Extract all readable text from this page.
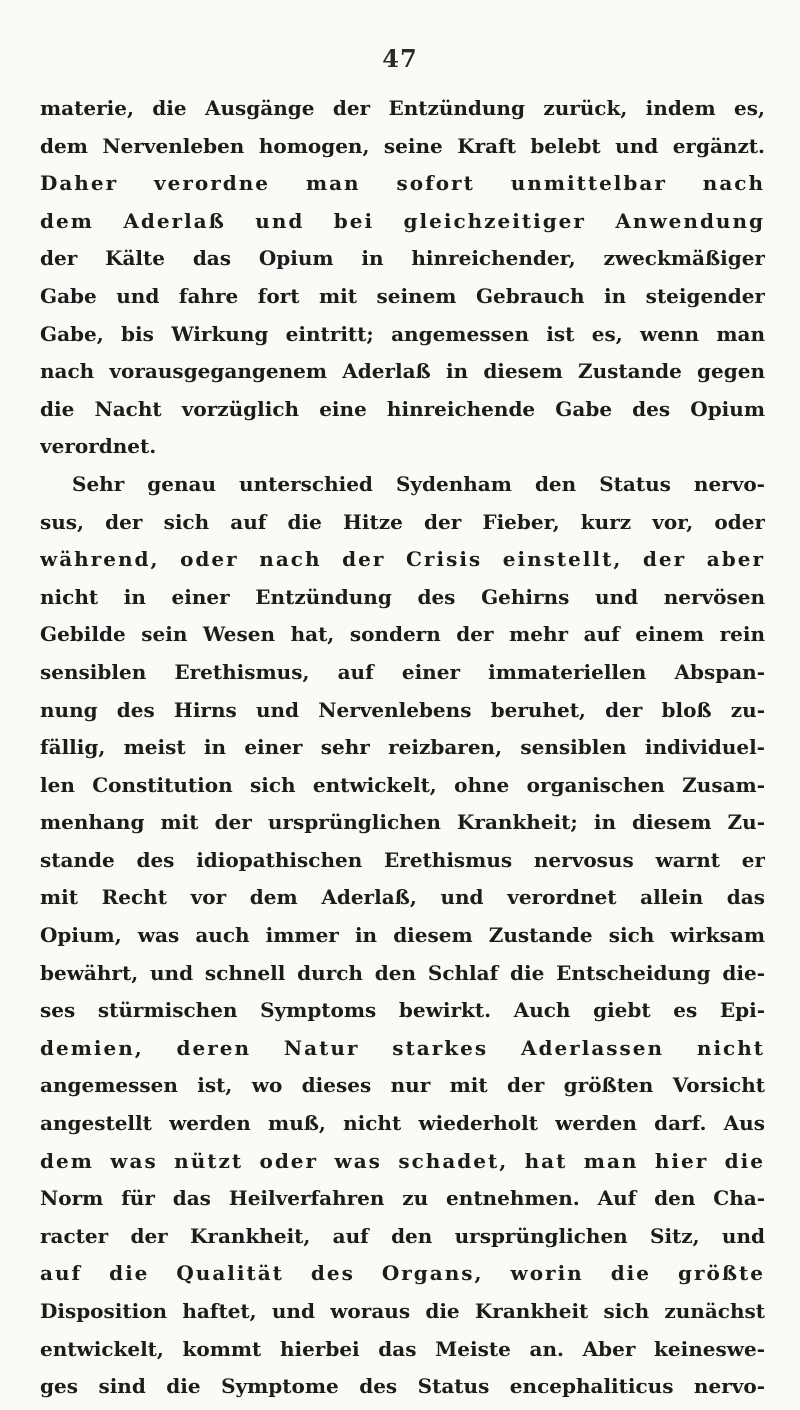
47
materie, die Ausgänge der Entzündung zurück, indem es,
dem Nervenleben homogen, seine Kraft belebt und ergänzt.
Daher verordne man sofort unmittelbar nach
dem Aderlaß und bei gleichzeitiger Anwendung
der Kälte das Opium in hinreichender, zweckmäßiger
Gabe und fahre fort mit seinem Gebrauch in steigender
Gabe, bis Wirkung eintritt; angemessen ist es, wenn man
nach vorausgegangenem Aderlaß in diesem Zustande gegen
die Nacht vorzüglich eine hinreichende Gabe des Opium
verordnet.
Sehr genau unterschied Sydenham den Status nervo-
sus, der sich auf die Hitze der Fieber, kurz vor, oder
während, oder nach der Crisis einstellt, der aber
nicht in einer Entzündung des Gehirns und nervösen
Gebilde sein Wesen hat, sondern der mehr auf einem rein
sensiblen Erethismus, auf einer immateriellen Abspan-
nung des Hirns und Nervenlebens beruhet, der bloß zu-
fällig, meist in einer sehr reizbaren, sensiblen individuel-
len Constitution sich entwickelt, ohne organischen Zusam-
menhang mit der ursprünglichen Krankheit; in diesem Zu-
stande des idiopathischen Erethismus nervosus warnt er
mit Recht vor dem Aderlaß, und verordnet allein das
Opium, was auch immer in diesem Zustande sich wirksam
bewährt, und schnell durch den Schlaf die Entscheidung die-
ses stürmischen Symptoms bewirkt. Auch giebt es Epi-
demien, deren Natur starkes Aderlassen nicht
angemessen ist, wo dieses nur mit der größten Vorsicht
angestellt werden muß, nicht wiederholt werden darf. Aus
dem was nützt oder was schadet, hat man hier die
Norm für das Heilverfahren zu entnehmen. Auf den Cha-
racter der Krankheit, auf den ursprünglichen Sitz, und
auf die Qualität des Organs, worin die größte
Disposition haftet, und woraus die Krankheit sich zunächst
entwickelt, kommt hierbei das Meiste an. Aber keineswe-
ges sind die Symptome des Status encephaliticus nervo-
